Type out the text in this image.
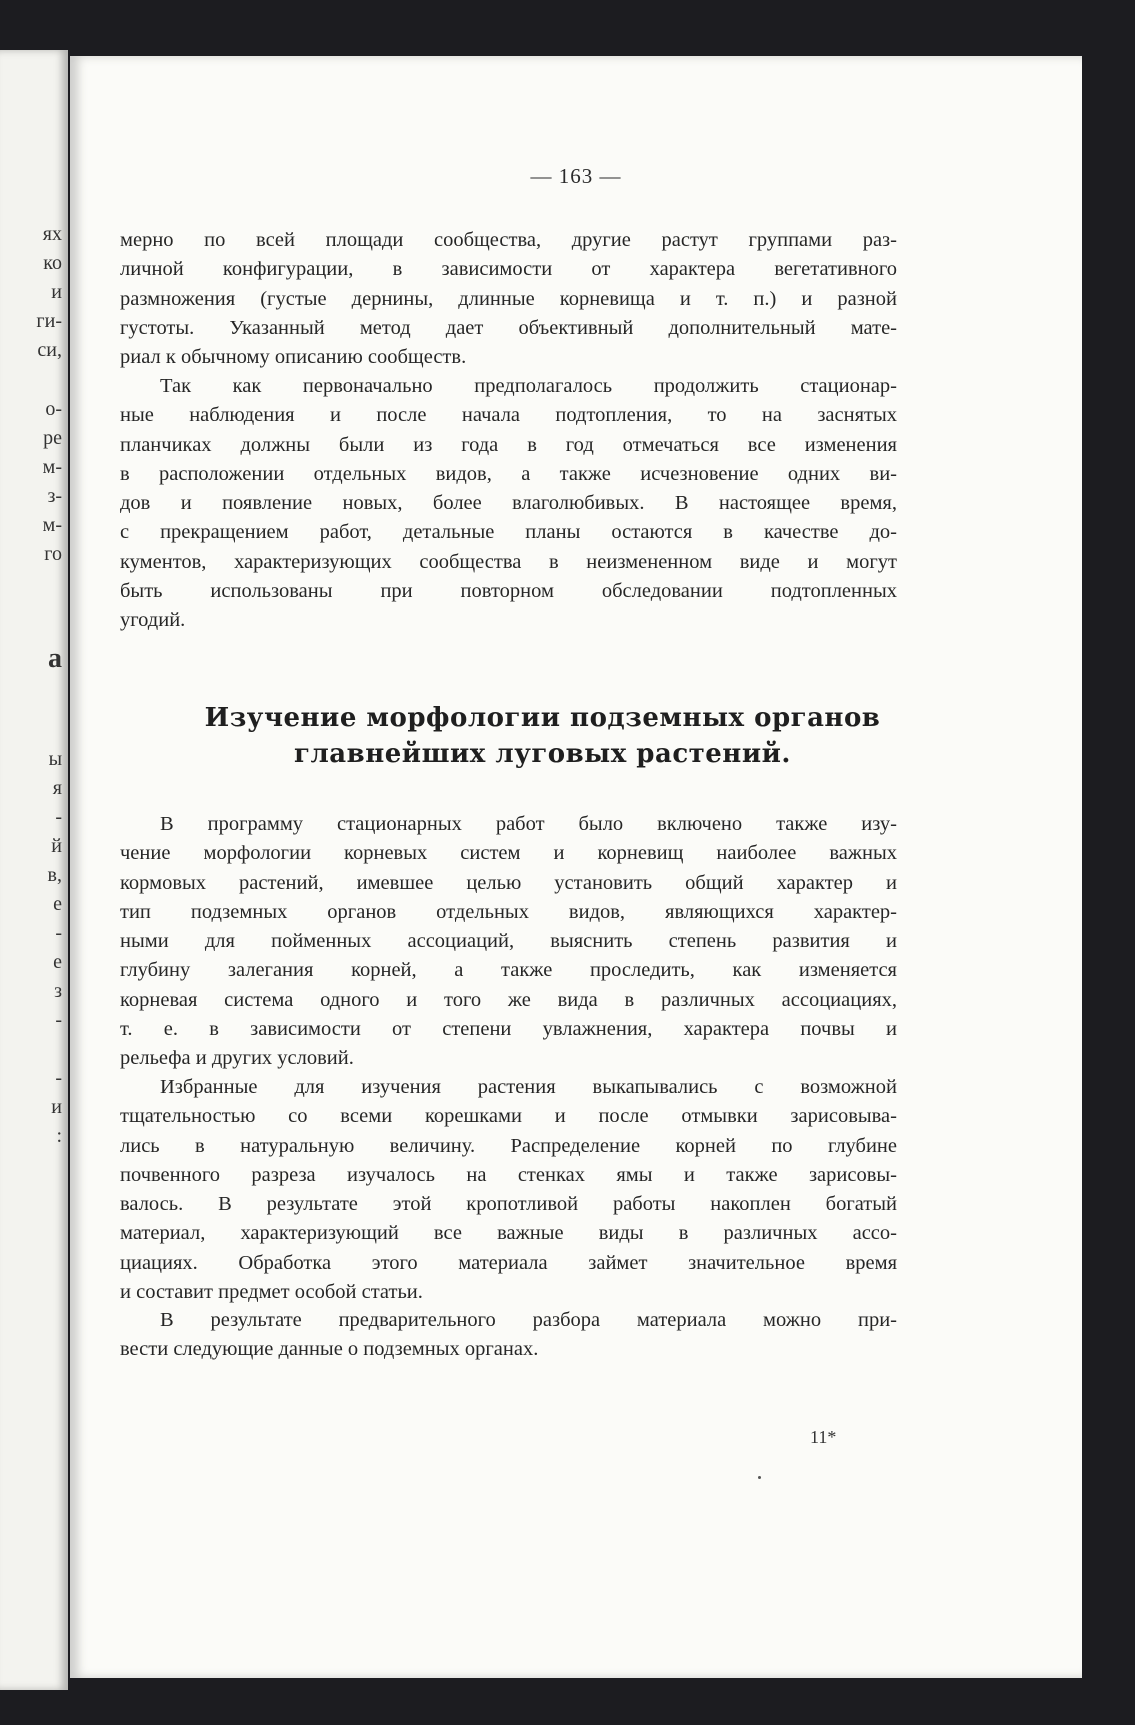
ях
ко
и
ги-
си,
о-
ре
м-
з-
м-
го
а
ы
я
-
й
в,
е
-
е
з
-
-
и
:
— 163 —
мерно по всей площади сообщества, другие растут группами раз-
личной конфигурации, в зависимости от характера вегетативного
размножения (густые дернины, длинные корневища и т. п.) и разной
густоты. Указанный метод дает объективный дополнительный мате-
риал к обычному описанию сообществ.
Так как первоначально предполагалось продолжить стационар-
ные наблюдения и после начала подтопления, то на заснятых
планчиках должны были из года в год отмечаться все изменения
в расположении отдельных видов, а также исчезновение одних ви-
дов и появление новых, более влаголюбивых. В настоящее время,
с прекращением работ, детальные планы остаются в качестве до-
кументов, характеризующих сообщества в неизмененном виде и могут
быть использованы при повторном обследовании подтопленных
угодий.
Изучение морфологии подземных органов
главнейших луговых растений.
В программу стационарных работ было включено также изу-
чение морфологии корневых систем и корневищ наиболее важных
кормовых растений, имевшее целью установить общий характер и
тип подземных органов отдельных видов, являющихся характер-
ными для пойменных ассоциаций, выяснить степень развития и
глубину залегания корней, а также проследить, как изменяется
корневая система одного и того же вида в различных ассоциациях,
т. е. в зависимости от степени увлажнения, характера почвы и
рельефа и других условий.
Избранные для изучения растения выкапывались с возможной
тщательностью со всеми корешками и после отмывки зарисовыва-
лись в натуральную величину. Распределение корней по глубине
почвенного разреза изучалось на стенках ямы и также зарисовы-
валось. В результате этой кропотливой работы накоплен богатый
материал, характеризующий все важные виды в различных ассо-
циациях. Обработка этого материала займет значительное время
и составит предмет особой статьи.
В результате предварительного разбора материала можно при-
вести следующие данные о подземных органах.
11*
